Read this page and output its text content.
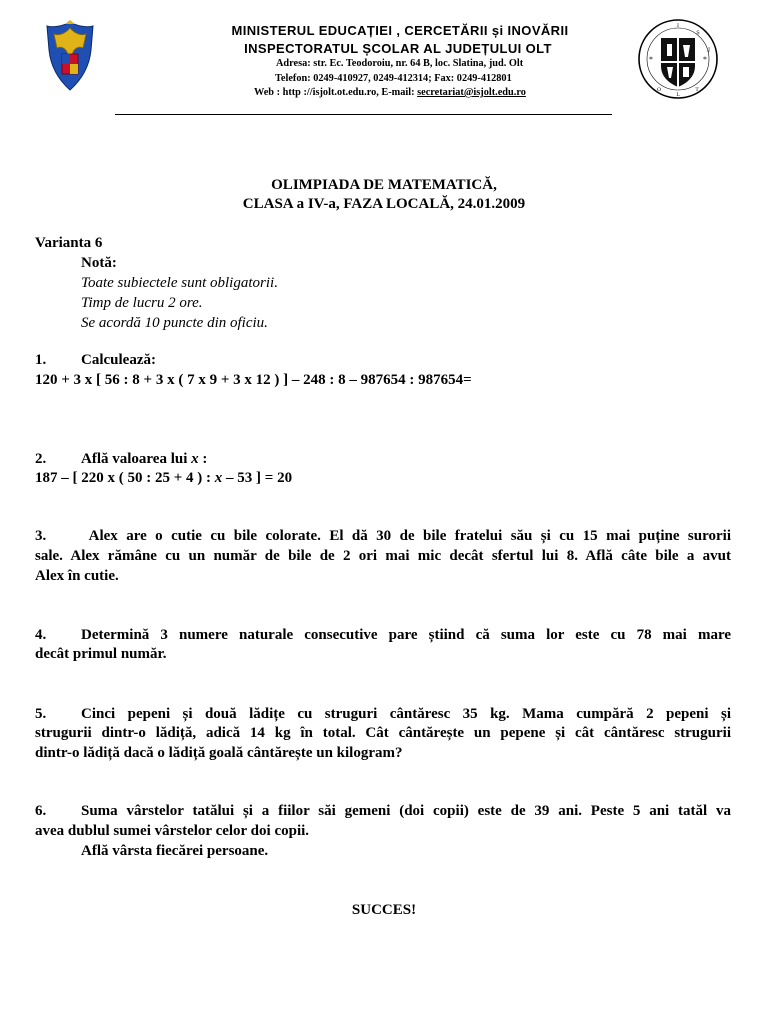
I
Ș
J
O
L
T
*	*
MINISTERUL EDUCAȚIEI , CERCETĂRII și INOVĂRII
INSPECTORATUL ȘCOLAR AL JUDEȚULUI OLT
Adresa: str. Ec. Teodoroiu, nr. 64 B, loc. Slatina, jud. Olt
Telefon: 0249-410927, 0249-412314; Fax: 0249-412801
Web : http ://isjolt.ot.edu.ro, E-mail: secretariat@isjolt.edu.ro
OLIMPIADA DE MATEMATICĂ,
CLASA a IV-a, FAZA LOCALĂ, 24.01.2009
Varianta 6
Notă:
Toate subiectele sunt obligatorii.
Timp de lucru 2 ore.
Se acordă 10 puncte din oficiu.
1. Calculează:
120 + 3 x [ 56 : 8 + 3 x ( 7 x 9 + 3 x 12 ) ] – 248 : 8 – 987654 : 987654=
2. Află valoarea lui x :
187 – [ 220 x ( 50 : 25 + 4 ) : x – 53 ] = 20
3.	Alex are o cutie cu bile colorate. El dă 30 de bile fratelui său și cu 15 mai puține surorii
sale. Alex rămâne cu un număr de bile de 2 ori mai mic decât sfertul lui 8. Află câte bile a avut
Alex în cutie.
4. Determină 3 numere naturale consecutive pare știind că suma lor este cu 78 mai mare
decât primul număr.
5. Cinci pepeni și două lădițe cu struguri cântăresc 35 kg. Mama cumpără 2 pepeni și
strugurii dintr-o lădiță, adică 14 kg în total. Cât cântărește un pepene și cât cântăresc strugurii
dintr-o lădiță dacă o lădiță goală cântărește un kilogram?
6. Suma vârstelor tatălui și a fiilor săi gemeni (doi copii) este de 39 ani. Peste 5 ani tatăl va
avea dublul sumei vârstelor celor doi copii.
Află vârsta fiecărei persoane.
SUCCES!
